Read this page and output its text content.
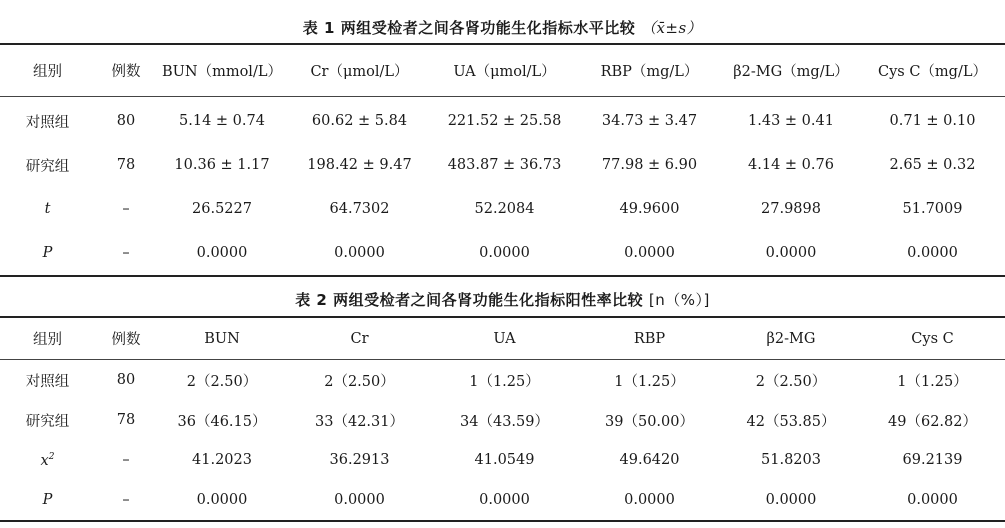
表 1 两组受检者之间各肾功能生化指标水平比较 （x̄±s）
组别	例数	BUN（mmol/L）	Cr（μmol/L）	UA（μmol/L）	RBP（mg/L）	β2-MG（mg/L）	Cys C（mg/L）
对照组	80	5.14 ± 0.74	60.62 ± 5.84	221.52 ± 25.58	34.73 ± 3.47	1.43 ± 0.41	0.71 ± 0.10
研究组	78	10.36 ± 1.17	198.42 ± 9.47	483.87 ± 36.73	77.98 ± 6.90	4.14 ± 0.76	2.65 ± 0.32
t	–	26.5227	64.7302	52.2084	49.9600	27.9898	51.7009
P	–	0.0000	0.0000	0.0000	0.0000	0.0000	0.0000
表 2 两组受检者之间各肾功能生化指标阳性率比较 [n（%）]
组别	例数	BUN	Cr	UA	RBP	β2-MG	Cys C
对照组	80	2（2.50）	2（2.50）	1（1.25）	1（1.25）	2（2.50）	1（1.25）
研究组	78	36（46.15）	33（42.31）	34（43.59）	39（50.00）	42（53.85）	49（62.82）
$x^2$	–	41.2023	36.2913	41.0549	49.6420	51.8203	69.2139
P	–	0.0000	0.0000	0.0000	0.0000	0.0000	0.0000
